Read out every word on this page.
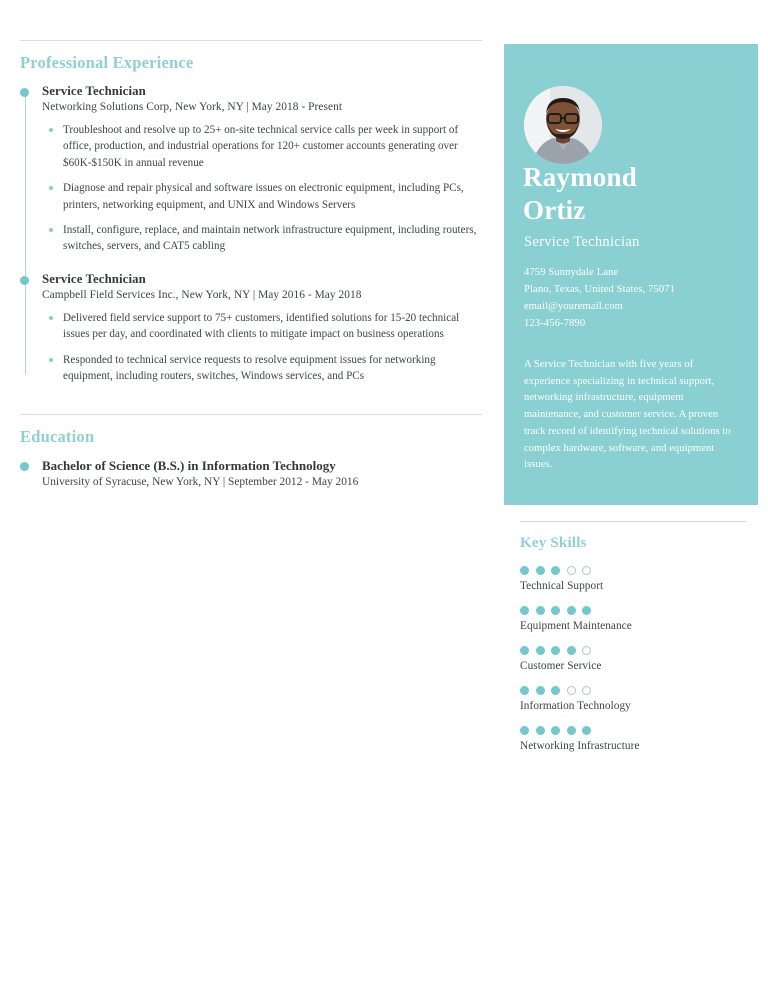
Professional Experience
Service Technician
Networking Solutions Corp, New York, NY | May 2018 - Present
Troubleshoot and resolve up to 25+ on-site technical service calls per week in support of office, production, and industrial operations for 120+ customer accounts generating over $60K-$150K in annual revenue
Diagnose and repair physical and software issues on electronic equipment, including PCs, printers, networking equipment, and UNIX and Windows Servers
Install, configure, replace, and maintain network infrastructure equipment, including routers, switches, servers, and CAT5 cabling
Service Technician
Campbell Field Services Inc., New York, NY | May 2016 - May 2018
Delivered field service support to 75+ customers, identified solutions for 15-20 technical issues per day, and coordinated with clients to mitigate impact on business operations
Responded to technical service requests to resolve equipment issues for networking equipment, including routers, switches, Windows services, and PCs
Education
Bachelor of Science (B.S.) in Information Technology
University of Syracuse, New York, NY | September 2012 - May 2016
Raymond
Ortiz
Service Technician
4759 Sunnydale Lane
Plano, Texas, United States, 75071
email@youremail.com
123-456-7890
A Service Technician with five years of experience specializing in technical support, networking infrastructure, equipment maintenance, and customer service. A proven track record of identifying technical solutions to complex hardware, software, and equipment issues.
Key Skills
Technical Support
Equipment Maintenance
Customer Service
Information Technology
Networking Infrastructure
